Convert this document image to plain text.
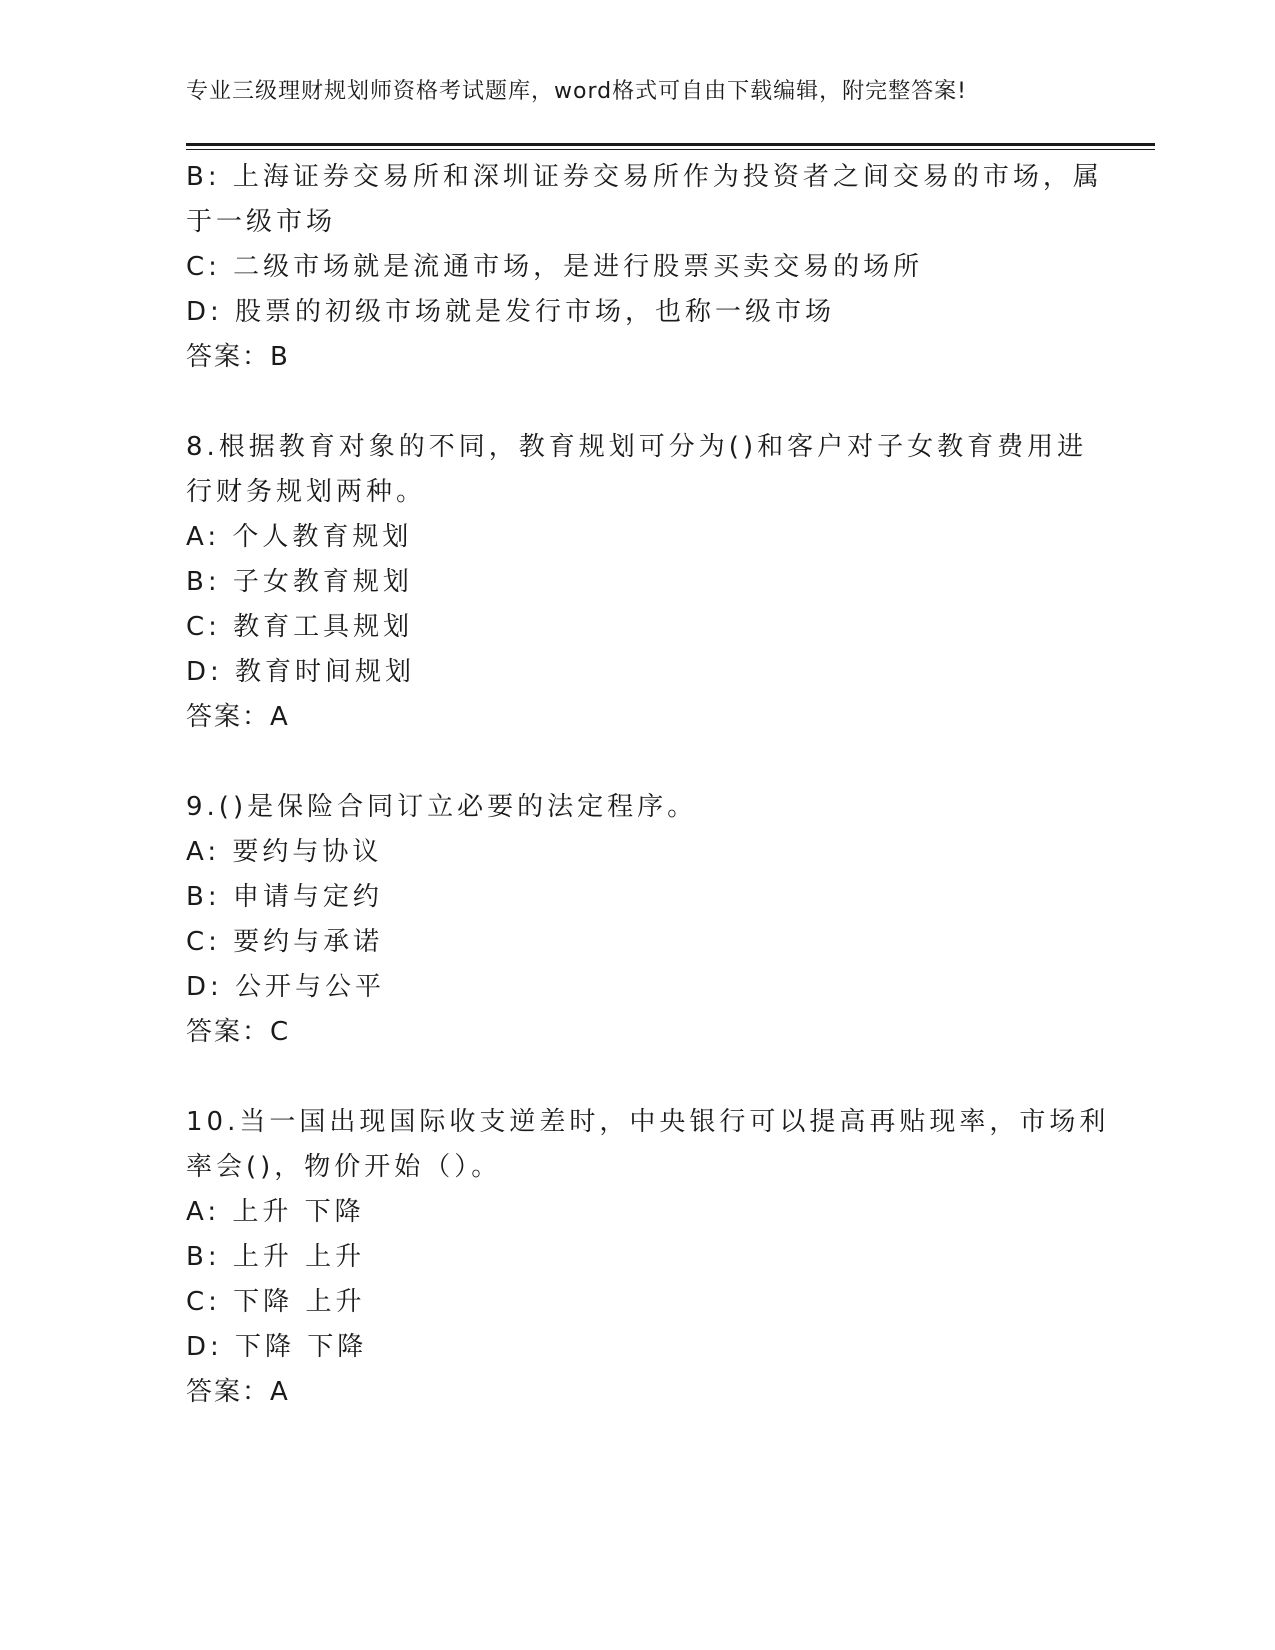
专业三级理财规划师资格考试题库，word格式可自由下载编辑，附完整答案!
B: 上海证券交易所和深圳证券交易所作为投资者之间交易的市场，属
于一级市场
C: 二级市场就是流通市场，是进行股票买卖交易的场所
D: 股票的初级市场就是发行市场，也称一级市场
答案：B
8.根据教育对象的不同，教育规划可分为()和客户对子女教育费用进
行财务规划两种。
A: 个人教育规划
B: 子女教育规划
C: 教育工具规划
D: 教育时间规划
答案：A
9.()是保险合同订立必要的法定程序。
A: 要约与协议
B: 申请与定约
C: 要约与承诺
D: 公开与公平
答案：C
10.当一国出现国际收支逆差时，中央银行可以提高再贴现率，市场利
率会()，物价开始（）。
A: 上升 下降
B: 上升 上升
C: 下降 上升
D: 下降 下降
答案：A
